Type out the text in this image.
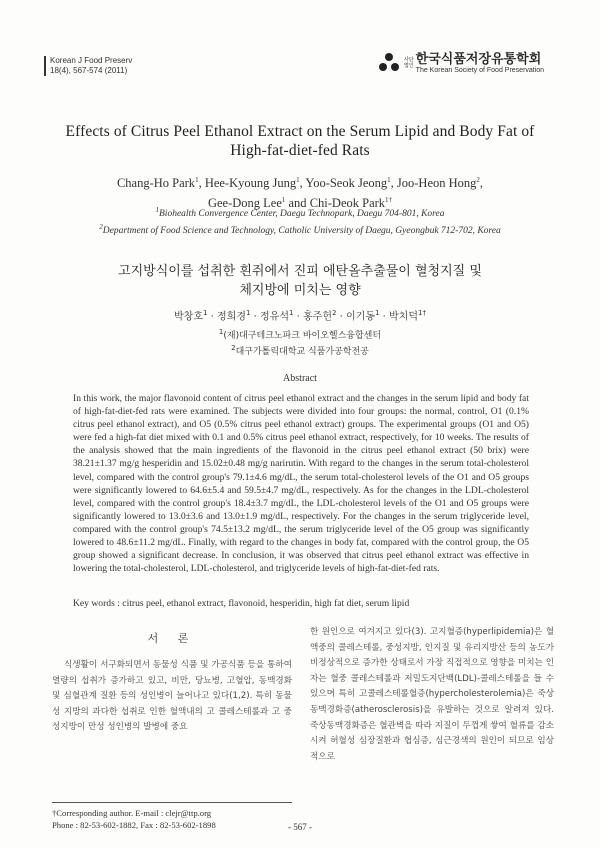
Korean J Food Preserv
18(4), 567-574 (2011)
사단
법인 한국식품저장유통학회
The Korean Society of Food Preservation
Effects of Citrus Peel Ethanol Extract on the Serum Lipid and Body Fat of
High-fat-diet-fed Rats
Chang-Ho Park$^1$, Hee-Kyoung Jung$^1$, Yoo-Seok Jeong$^1$, Joo-Heon Hong$^2$,
Gee-Dong Lee$^1$ and Chi-Deok Park$^{1\dagger}$
$^1$Biohealth Convergence Center, Daegu Technopark, Daegu 704-801, Korea
$^2$Department of Food Science and Technology, Catholic University of Daegu, Gyeongbuk 712-702, Korea
고지방식이를 섭취한 흰쥐에서 진피 에탄올추출물이 혈청지질 및
체지방에 미치는 영향
박창호$^1$ · 정희경$^1$ · 정유석$^1$ · 홍주헌$^2$ · 이기동$^1$ · 박치덕$^{1\dagger}$
$^1$(재)대구테크노파크 바이오헬스융합센터
$^2$대구가톨릭대학교 식품가공학전공
Abstract
In this work, the major flavonoid content of citrus peel ethanol extract and the changes in the serum lipid and body fat of high-fat-diet-fed rats were examined. The subjects were divided into four groups: the normal, control, O1 (0.1% citrus peel ethanol extract), and O5 (0.5% citrus peel ethanol extract) groups. The experimental groups (O1 and O5) were fed a high-fat diet mixed with 0.1 and 0.5% citrus peel ethanol extract, respectively, for 10 weeks. The results of the analysis showed that the main ingredients of the flavonoid in the citrus peel ethanol extract (50 brix) were 38.21±1.37 mg/g hesperidin and 15.02±0.48 mg/g narirutin. With regard to the changes in the serum total-cholesterol level, compared with the control group's 79.1±4.6 mg/dL, the serum total-cholesterol levels of the O1 and O5 groups were significantly lowered to 64.6±5.4 and 59.5±4.7 mg/dL, respectively. As for the changes in the LDL-cholesterol level, compared with the control group's 18.4±3.7 mg/dL, the LDL-cholesterol levels of the O1 and O5 groups were significantly lowered to 13.0±3.6 and 13.0±1.9 mg/dL, respectively. For the changes in the serum triglyceride level, compared with the control group's 74.5±13.2 mg/dL, the serum triglyceride level of the O5 group was significantly lowered to 48.6±11.2 mg/dL. Finally, with regard to the changes in body fat, compared with the control group, the O5 group showed a significant decrease. In conclusion, it was observed that citrus peel ethanol extract was effective in lowering the total-cholesterol, LDL-cholesterol, and triglyceride levels of high-fat-diet-fed rats.
Key words : citrus peel, ethanol extract, flavonoid, hesperidin, high fat diet, serum lipid
서 론

식생활이 서구화되면서 동물성 식품 및 가공식품 등을 통하여 열량의 섭취가 증가하고 있고, 비만, 당뇨병, 고혈압, 동맥경화 및 심혈관계 질환 등의 성인병이 늘어나고 있다(1,2). 특히 동물성 지방의 과다한 섭취로 인한 혈액내의 고 콜레스테롤과 고 중성지방이 만성 성인병의 발병에 중요

한 원인으로 여겨지고 있다(3). 고지혈증(hyperlipidemia)은 혈액중의 콜레스테롤, 중성지방, 인지질 및 유리지방산 등의 농도가 비정상적으로 증가한 상태로서 가장 직접적으로 영향을 미치는 인자는 혈중 콜레스테롤과 저밀도지단백(LDL)-콜레스테롤을 들 수 있으며 특히 고콜레스테롤혈증(hypercholesterolemia)은 죽상동맥경화증(atherosclerosis)을 유발하는 것으로 알려져 있다. 죽상동맥경화증은 혈관벽을 따라 지질이 두껍게 쌓여 혈류를 감소시켜 허혈성 심장질환과 협심증, 심근경색의 원인이 되므로 임상적으로

†Corresponding author. E-mail : clejr@ttp.org
Phone : 82-53-602-1882, Fax : 82-53-602-1898	- 567 -
